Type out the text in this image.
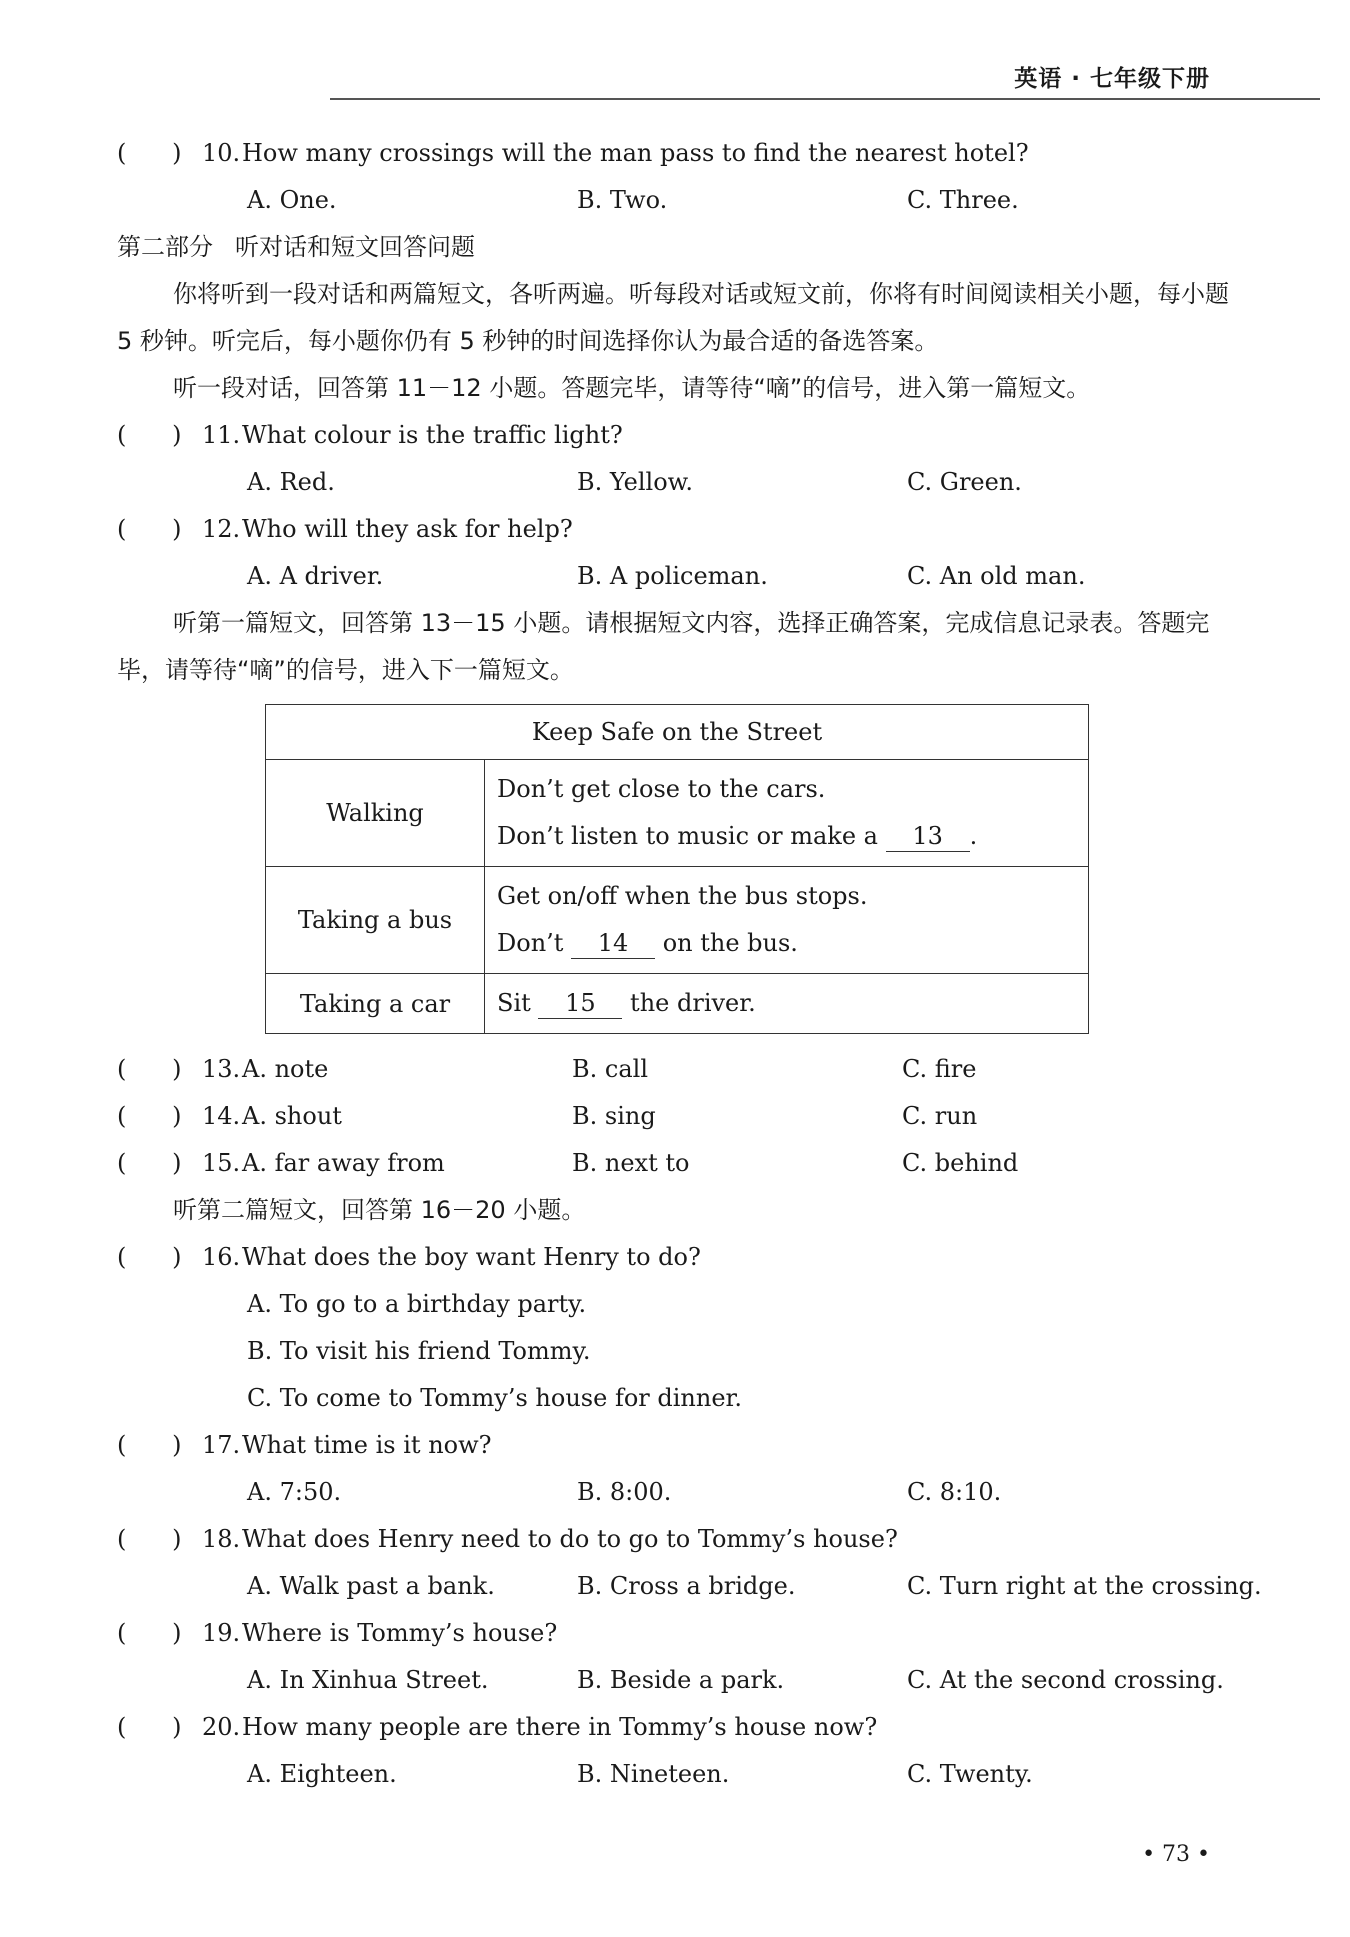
英语 · 七年级下册
(      ) 10. How many crossings will the man pass to find the nearest hotel?
A. One.	B. Two.	C. Three.
第二部分 听对话和短文回答问题
你将听到一段对话和两篇短文，各听两遍。听每段对话或短文前，你将有时间阅读相关小题，每小题 5 秒钟。听完后，每小题你仍有 5 秒钟的时间选择你认为最合适的备选答案。
听一段对话，回答第 11－12 小题。答题完毕，请等待“嘀”的信号，进入第一篇短文。
(      ) 11. What colour is the traffic light?
A. Red.	B. Yellow.	C. Green.
(      ) 12. Who will they ask for help?
A. A driver.	B. A policeman.	C. An old man.
听第一篇短文，回答第 13－15 小题。请根据短文内容，选择正确答案，完成信息记录表。答题完毕，请等待“嘀”的信号，进入下一篇短文。
Keep Safe on the Street	
Walking	Don’t get close to the cars.
Don’t listen to music or make a 13 .

Taking a bus	Get on/off when the bus stops.
Don’t 14 on the bus.

Taking a car	Sit 15 the driver.
(      ) 13. A. note	B. call	C. fire
(      ) 14. A. shout	B. sing	C. run
(      ) 15. A. far away from	B. next to	C. behind
听第二篇短文，回答第 16－20 小题。
(      ) 16. What does the boy want Henry to do?
A. To go to a birthday party.
B. To visit his friend Tommy.
C. To come to Tommy’s house for dinner.
(      ) 17. What time is it now?
A. 7:50.	B. 8:00.	C. 8:10.
(      ) 18. What does Henry need to do to go to Tommy’s house?
A. Walk past a bank.	B. Cross a bridge.	C. Turn right at the crossing.
(      ) 19. Where is Tommy’s house?
A. In Xinhua Street.	B. Beside a park.	C. At the second crossing.
(      ) 20. How many people are there in Tommy’s house now?
A. Eighteen.	B. Nineteen.	C. Twenty.
• 73 •
